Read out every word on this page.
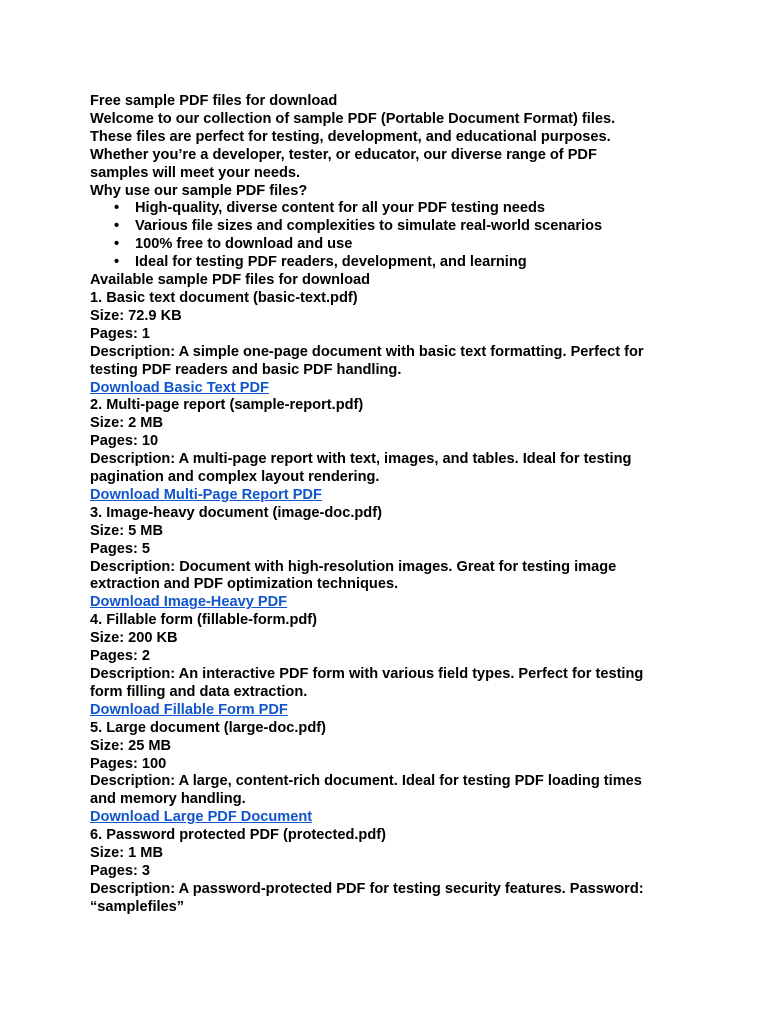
Free sample PDF files for download
Welcome to our collection of sample PDF (Portable Document Format) files.
These files are perfect for testing, development, and educational purposes.
Whether you’re a developer, tester, or educator, our diverse range of PDF
samples will meet your needs.
Why use our sample PDF files?
• High-quality, diverse content for all your PDF testing needs
• Various file sizes and complexities to simulate real-world scenarios
• 100% free to download and use
• Ideal for testing PDF readers, development, and learning
Available sample PDF files for download
1. Basic text document (basic-text.pdf)
Size: 72.9 KB
Pages: 1
Description: A simple one-page document with basic text formatting. Perfect for
testing PDF readers and basic PDF handling.
Download Basic Text PDF
2. Multi-page report (sample-report.pdf)
Size: 2 MB
Pages: 10
Description: A multi-page report with text, images, and tables. Ideal for testing
pagination and complex layout rendering.
Download Multi-Page Report PDF
3. Image-heavy document (image-doc.pdf)
Size: 5 MB
Pages: 5
Description: Document with high-resolution images. Great for testing image
extraction and PDF optimization techniques.
Download Image-Heavy PDF
4. Fillable form (fillable-form.pdf)
Size: 200 KB
Pages: 2
Description: An interactive PDF form with various field types. Perfect for testing
form filling and data extraction.
Download Fillable Form PDF
5. Large document (large-doc.pdf)
Size: 25 MB
Pages: 100
Description: A large, content-rich document. Ideal for testing PDF loading times
and memory handling.
Download Large PDF Document
6. Password protected PDF (protected.pdf)
Size: 1 MB
Pages: 3
Description: A password-protected PDF for testing security features. Password:
“samplefiles”
